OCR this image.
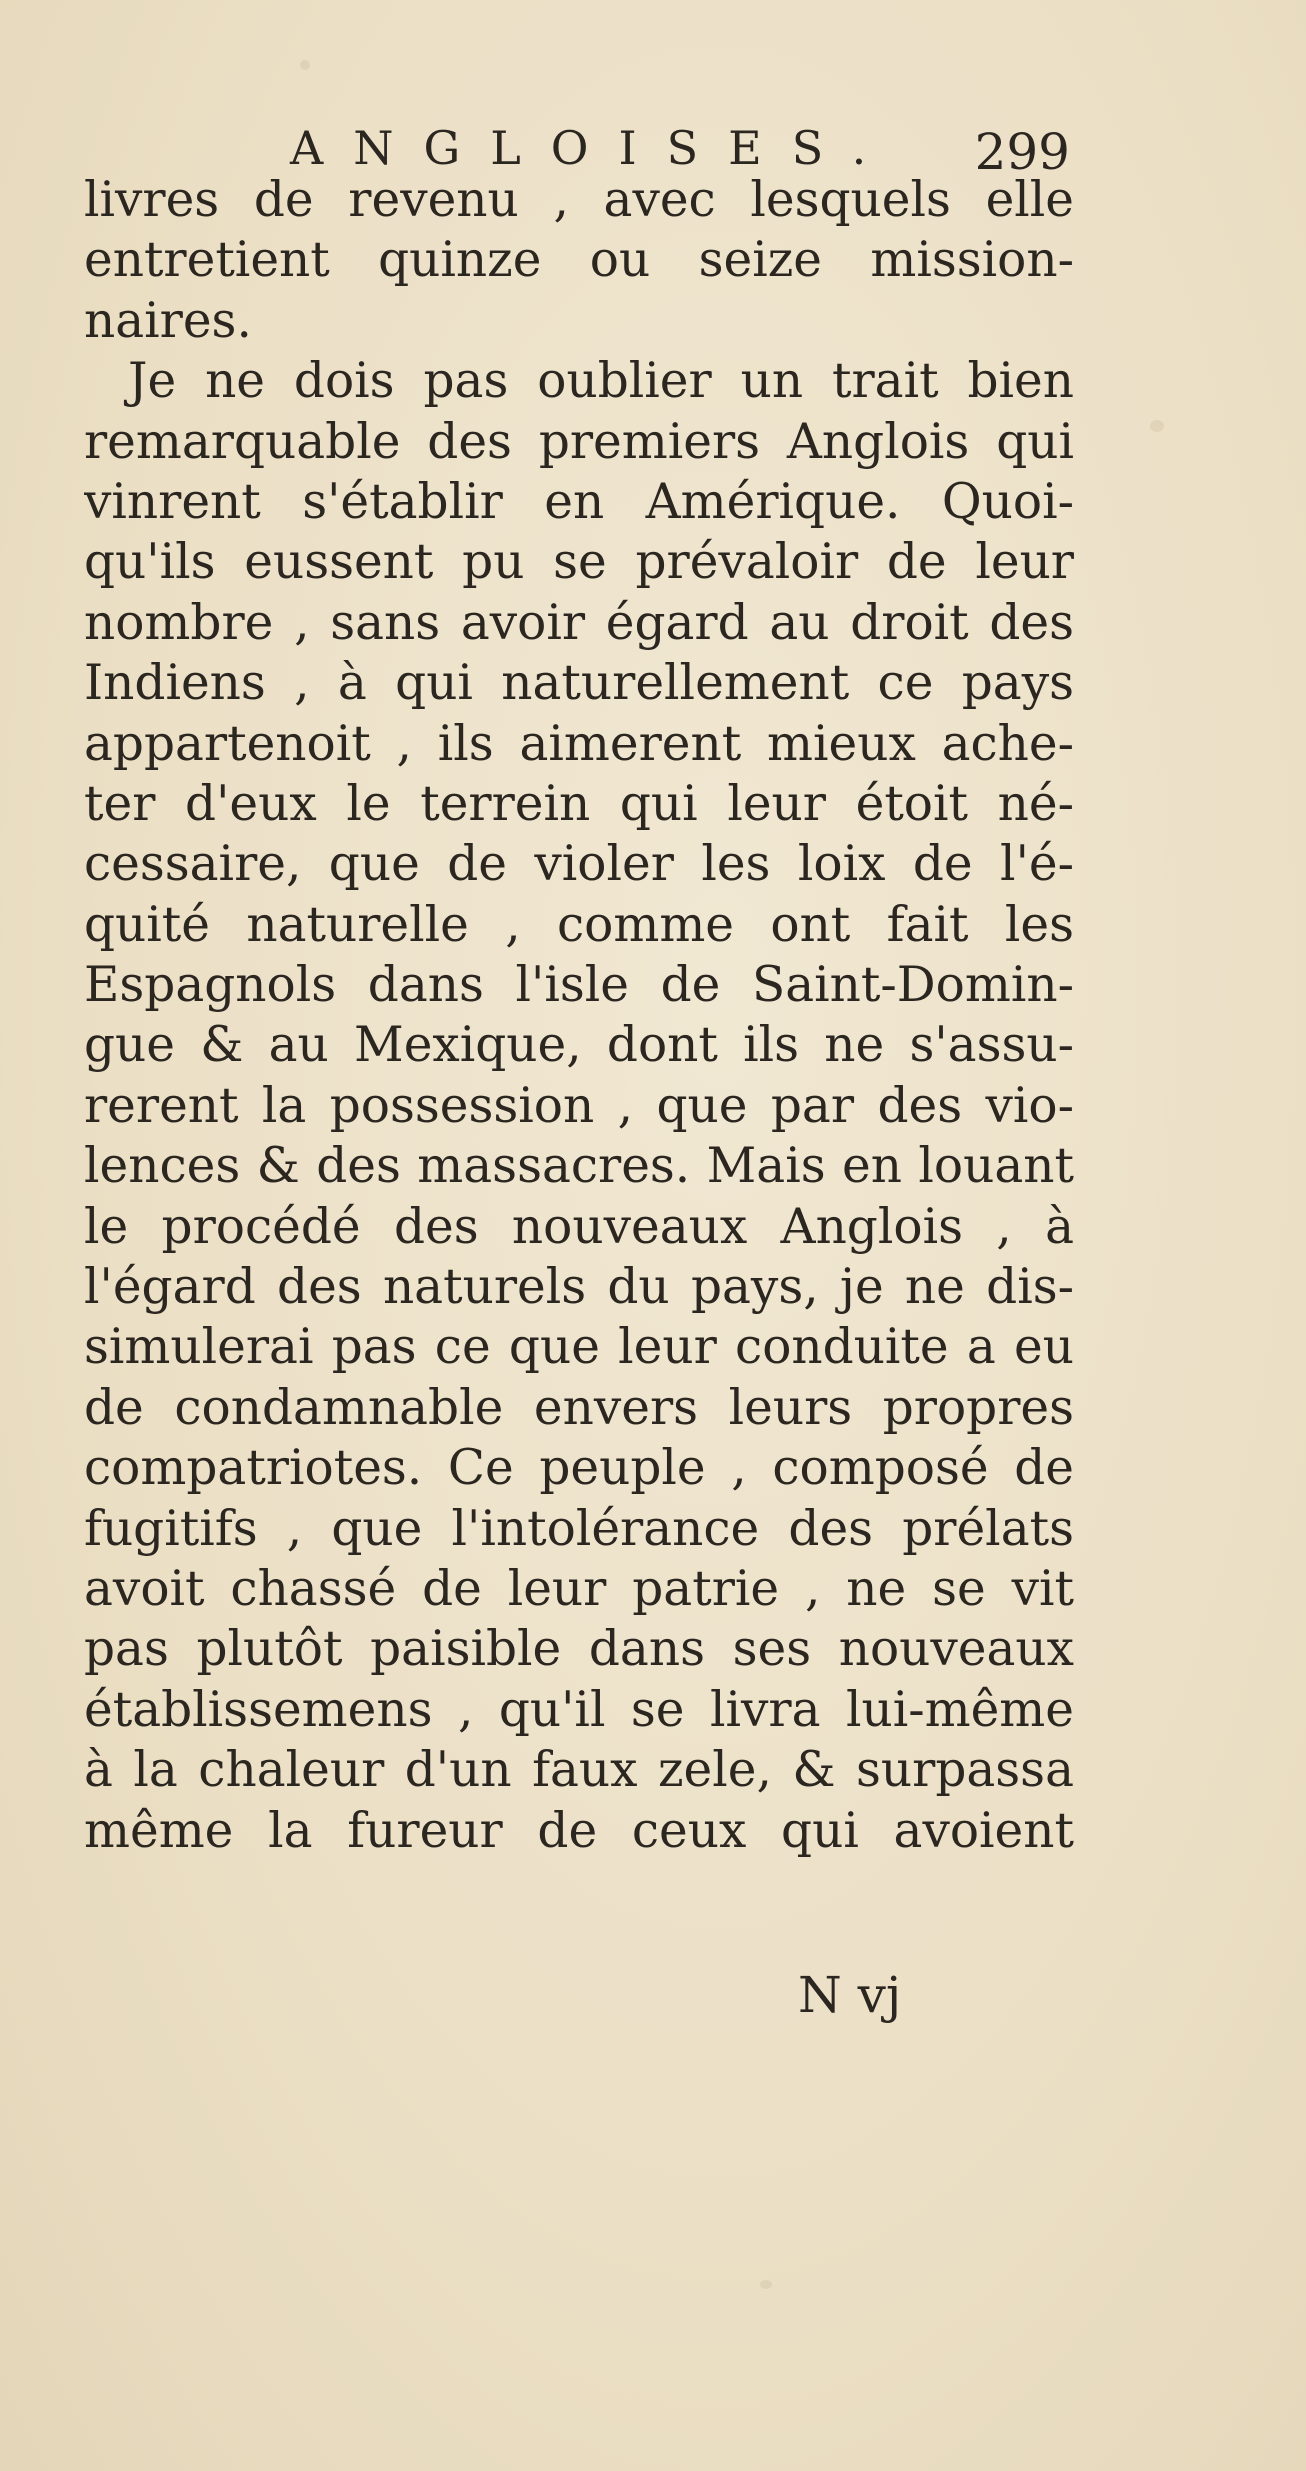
ANGLOISES. 299
livres de revenu , avec lesquels elle
entretient quinze ou seize mission-
naires.
Je ne dois pas oublier un trait bien
remarquable des premiers Anglois qui
vinrent s'établir en Amérique. Quoi-
qu'ils eussent pu se prévaloir de leur
nombre , sans avoir égard au droit des
Indiens , à qui naturellement ce pays
appartenoit , ils aimerent mieux ache-
ter d'eux le terrein qui leur étoit né-
cessaire, que de violer les loix de l'é-
quité naturelle , comme ont fait les
Espagnols dans l'isle de Saint-Domin-
gue & au Mexique, dont ils ne s'assu-
rerent la possession , que par des vio-
lences & des massacres. Mais en louant
le procédé des nouveaux Anglois , à
l'égard des naturels du pays, je ne dis-
simulerai pas ce que leur conduite a eu
de condamnable envers leurs propres
compatriotes. Ce peuple , composé de
fugitifs , que l'intolérance des prélats
avoit chassé de leur patrie , ne se vit
pas plutôt paisible dans ses nouveaux
établissemens , qu'il se livra lui-même
à la chaleur d'un faux zele, & surpassa
même la fureur de ceux qui avoient
N vj
